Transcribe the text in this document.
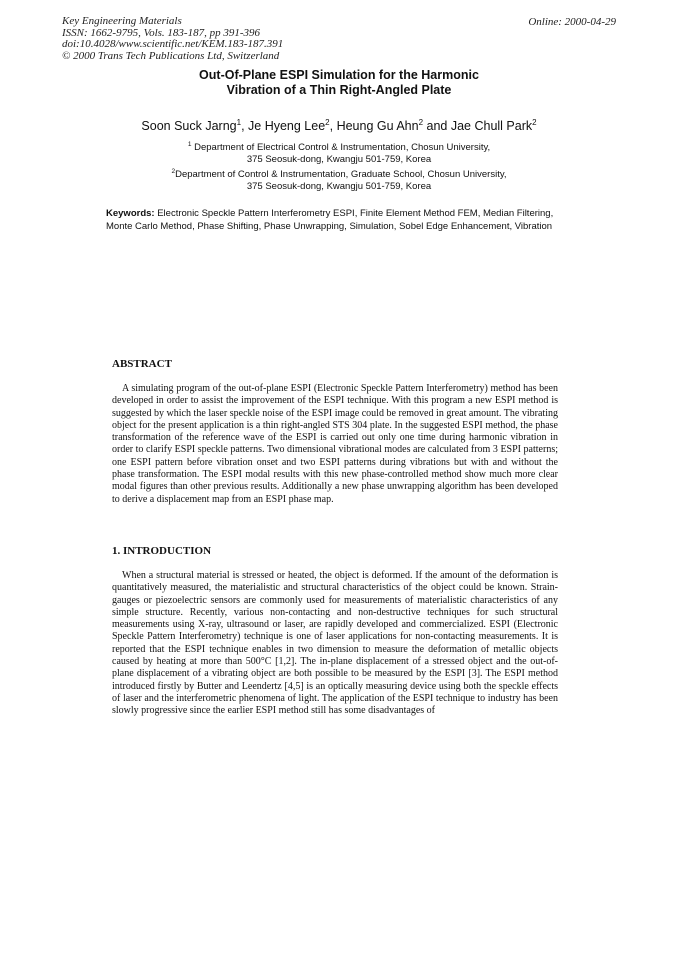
Key Engineering Materials
ISSN: 1662-9795, Vols. 183-187, pp 391-396
doi:10.4028/www.scientific.net/KEM.183-187.391
© 2000 Trans Tech Publications Ltd, Switzerland
Online: 2000-04-29
Out-Of-Plane ESPI Simulation for the Harmonic
Vibration of a Thin Right-Angled Plate
Soon Suck Jarng$^1$, Je Hyeng Lee$^2$, Heung Gu Ahn$^2$ and Jae Chull Park$^2$
$^1$ Department of Electrical Control & Instrumentation, Chosun University,
375 Seosuk-dong, Kwangju 501-759, Korea
$^2$Department of Control & Instrumentation, Graduate School, Chosun University,
375 Seosuk-dong, Kwangju 501-759, Korea
Keywords: Electronic Speckle Pattern Interferometry ESPI, Finite Element Method FEM, Median Filtering, Monte Carlo Method, Phase Shifting, Phase Unwrapping, Simulation, Sobel Edge Enhancement, Vibration
ABSTRACT
A simulating program of the out-of-plane ESPI (Electronic Speckle Pattern Interferometry) method has been developed in order to assist the improvement of the ESPI technique. With this program a new ESPI method is suggested by which the laser speckle noise of the ESPI image could be removed in great amount. The vibrating object for the present application is a thin right-angled STS 304 plate. In the suggested ESPI method, the phase transformation of the reference wave of the ESPI is carried out only one time during harmonic vibration in order to clarify ESPI speckle patterns. Two dimensional vibrational modes are calculated from 3 ESPI patterns; one ESPI pattern before vibration onset and two ESPI patterns during vibrations but with and without the phase transformation. The ESPI modal results with this new phase-controlled method show much more clear modal figures than other previous results. Additionally a new phase unwrapping algorithm has been developed to derive a displacement map from an ESPI phase map.
1. INTRODUCTION
When a structural material is stressed or heated, the object is deformed. If the amount of the deformation is quantitatively measured, the materialistic and structural characteristics of the object could be known. Strain-gauges or piezoelectric sensors are commonly used for measurements of materialistic characteristics of any simple structure. Recently, various non-contacting and non-destructive techniques for such structural measurements using X-ray, ultrasound or laser, are rapidly developed and commercialized. ESPI (Electronic Speckle Pattern Interferometry) technique is one of laser applications for non-contacting measurements. It is reported that the ESPI technique enables in two dimension to measure the deformation of metallic objects caused by heating at more than 500°C [1,2]. The in-plane displacement of a stressed object and the out-of-plane displacement of a vibrating object are both possible to be measured by the ESPI [3]. The ESPI method introduced firstly by Butter and Leendertz [4,5] is an optically measuring device using both the speckle effects of laser and the interferometric phenomena of light. The application of the ESPI technique to industry has been slowly progressive since the earlier ESPI method still has some disadvantages of
